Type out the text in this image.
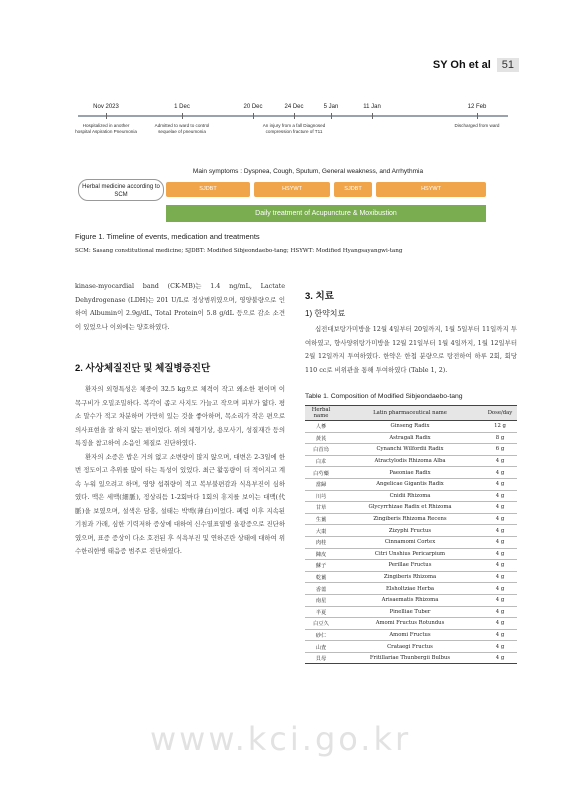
SY Oh et al	51
Nov 2023	1 Dec	20 Dec	24 Dec	5 Jan	11 Jan	12 Feb
Hospitalized in another hospital Aspiration Pneumonia
Admitted to ward to control sequelae of pneumonia
An injury from a fall Diagnosed compression fracture of T11
Discharged from ward
Main symptoms : Dyspnea, Cough, Sputum, General weakness, and Arrhythmia
Herbal medicine according to SCM
SJDBT	HSYWT	SJDBT	HSYWT
Daily treatment of Acupuncture & Moxibustion
Figure 1. Timeline of events, medication and treatments
SCM: Sasang constitutional medicine; SJDBT: Modified Sibjeondaebo-tang; HSYWT: Modified Hyangsayangwi-tang

kinase-myocardial band (CK-MB)는 1.4 ng/mL, Lactate Dehydrogenase (LDH)는 201 U/L로 정상범위였으며, 영양불량으로 인하여 Albumin이 2.9g/dL, Total Protein이 5.8 g/dL 등으로 감소 소견이 있었으나 이외에는 양호하였다.

2. 사상체질진단 및 체질병증진단

환자의 외형특성은 체중이 32.5 kg으로 체격이 작고 왜소한 편이며 이목구비가 오밀조밀하다. 복각이 좁고 사지도 가늘고 작으며 피부가 얇다. 평소 말수가 적고 차분하며 가만히 있는 것을 좋아하며, 목소리가 작은 편으로 의사표현을 잘 하지 않는 편이었다. 위의 체형기상, 용모사기, 성질재간 등의 특징을 참고하여 소음인 체질로 진단하였다.

환자의 소증은 밥은 거의 없고 소변량이 많지 않으며, 대변은 2-3일에 한번 정도이고 추위를 많이 타는 특성이 있었다. 최근 활동량이 더 적어지고 계속 누워 있으려고 하며, 영양 섭취량이 적고 복부불편감과 식욕부진이 심하였다. 맥은 세맥(細脈), 정상리듬 1-2회마다 1회의 휴지를 보이는 대맥(代脈)을 보였으며, 설색은 담홍, 설태는 박백(薄白)이었다. 폐렴 이후 지속된 기침과 가래, 심한 기력저하 증상에 대하여 신수열표열병 울광증으로 진단하였으며, 표증 증상이 다소 호전된 후 식욕부진 및 연하곤란 상태에 대하여 위수한리한병 태음증 범주로 진단하였다.

3. 치료

1) 한약치료

십전대보탕가미방을 12월 4일부터 20일까지, 1월 5일부터 11일까지 투여하였고, 향사양위탕가미방을 12월 21일부터 1월 4일까지, 1월 12일부터 2월 12일까지 투여하였다. 한약은 한첩 분량으로 탕전하여 하루 2회, 회당 110 cc로 비위관을 통해 투여하였다 (Table 1, 2).

Table 1. Composition of Modified Sibjeondaebo-tang

Herbal name	Latin pharmaceutical name	Dose/day
人蔘	Ginseng Radix	12 g
黃芪	Astragali Radix	8 g
白首烏	Cynanchi Wilfordii Radix	6 g
白朮	Atractylodis Rhizoma Alba	4 g
白芍藥	Paeoniae Radix	4 g
當歸	Angelicae Gigantis Radix	4 g
川芎	Cnidii Rhizoma	4 g
甘草	Glycyrrhizae Radix et Rhizoma	4 g
生薑	Zingiberis Rhizoma Recens	4 g
大棗	Zizyphi Fructus	4 g
肉桂	Cinnamomi Cortex	4 g
陳皮	Citri Unshius Pericarpium	4 g
蘇子	Perillae Fructus	4 g
乾薑	Zingiberis Rhizoma	4 g
香薷	Elsholtziae Herba	4 g
南星	Arisaematis Rhizoma	4 g
半夏	Pinelliae Tuber	4 g
白豆久	Amomi Fructus Rotundus	4 g
砂仁	Amomi Fructus	4 g
山査	Crataegi Fructus	4 g
貝母	Fritillariae Thunbergii Bulbus	4 g
www.kci.go.kr
